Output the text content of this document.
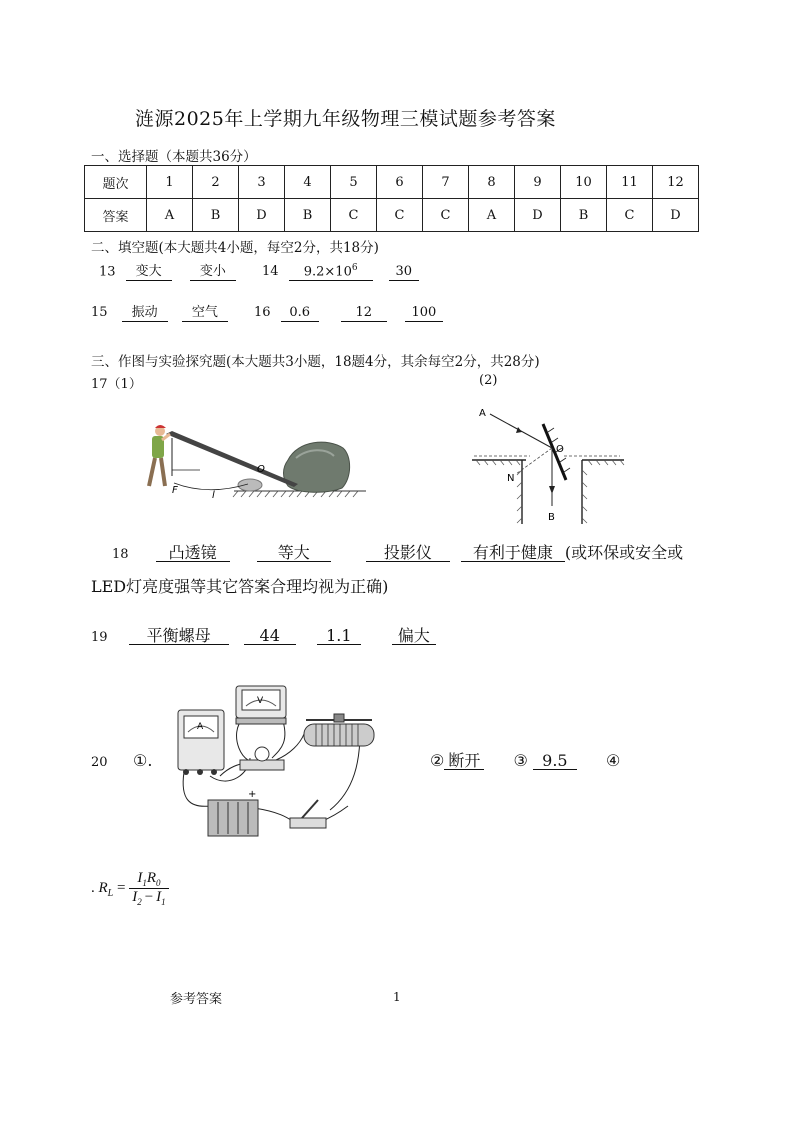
涟源2025年上学期九年级物理三模试题参考答案
一、选择题（本题共36分）
题次	1	2	3	4	5	6	7	8	9	10	11	12
答案	A	B	D	B	C	C	C	A	D	B	C	D
二、填空题(本大题共4小题，每空2分，共18分)
13 变大	变小	14 $9.2\times 10^6$	30
15 振动	空气	16 0.6	12	100
三、作图与实验探究题(本大题共3小题，18题4分，其余每空2分，共28分)
17（1）	(2)
O
F	l
A
O
N
B
18	凸透镜	等大	投影仪	有利于健康 (或环保或安全或
LED灯亮度强等其它答案合理均视为正确)
19 平衡螺母	44	1.1	偏大
20 ①.
A
V
+
② 断开 ③ 9.5 ④
. $R_L = \frac{I_1R_0}{I_2 - I_1}$
参考答案	1
